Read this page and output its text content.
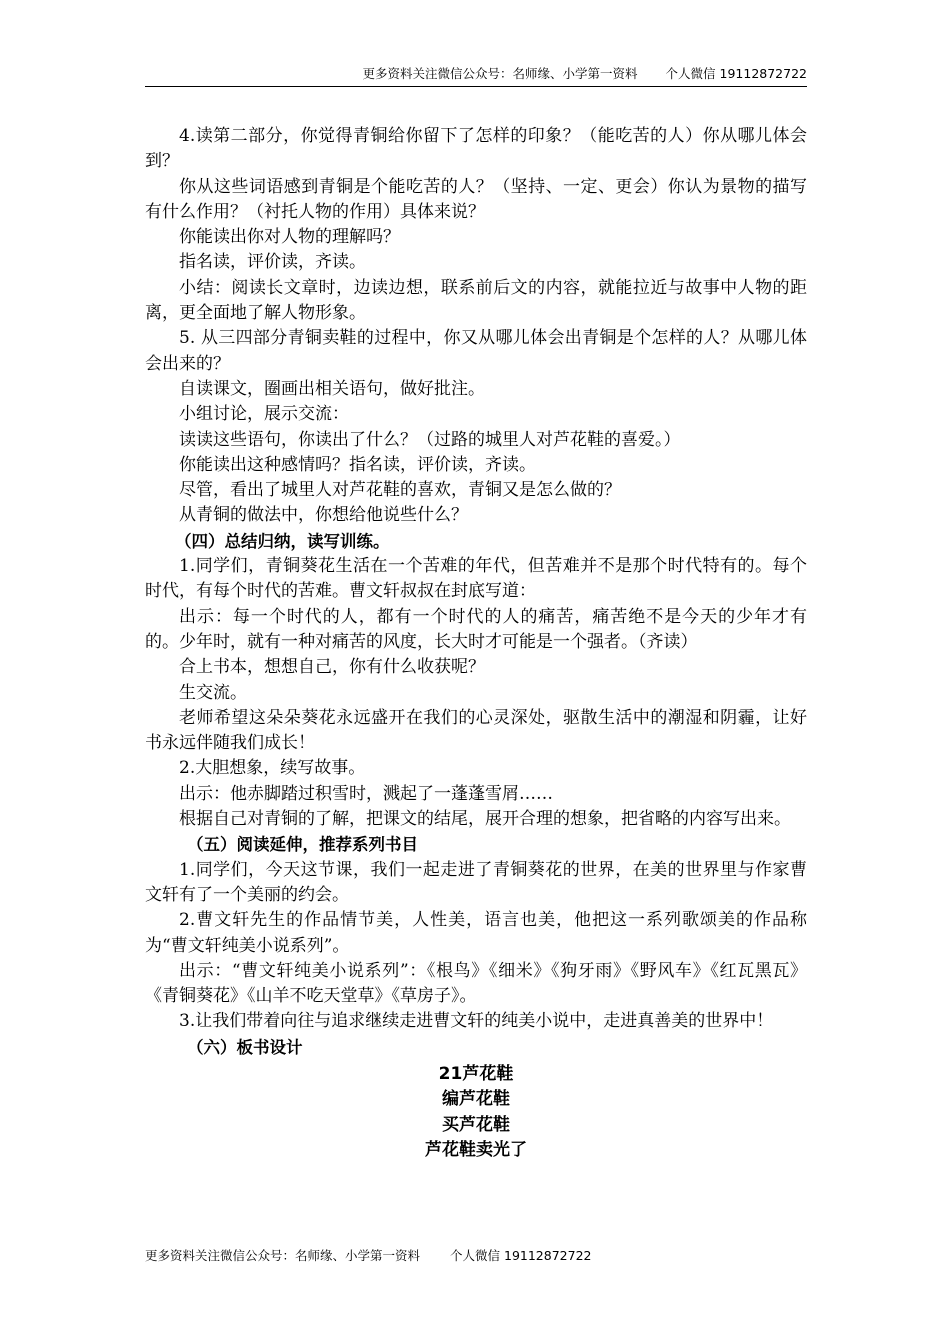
更多资料关注微信公众号：名师缘、小学第一资料 个人微信 19112872722

4.读第二部分，你觉得青铜给你留下了怎样的印象？（能吃苦的人）你从哪儿体会到？

你从这些词语感到青铜是个能吃苦的人？（坚持、一定、更会）你认为景物的描写有什么作用？（衬托人物的作用）具体来说？

你能读出你对人物的理解吗？

指名读，评价读，齐读。

小结：阅读长文章时，边读边想，联系前后文的内容，就能拉近与故事中人物的距离，更全面地了解人物形象。

5. 从三四部分青铜卖鞋的过程中，你又从哪儿体会出青铜是个怎样的人？从哪儿体会出来的？

自读课文，圈画出相关语句，做好批注。

小组讨论，展示交流：

读读这些语句，你读出了什么？（过路的城里人对芦花鞋的喜爱。）

你能读出这种感情吗？指名读，评价读，齐读。

尽管，看出了城里人对芦花鞋的喜欢，青铜又是怎么做的？

从青铜的做法中，你想给他说些什么？

（四）总结归纳，读写训练。

1.同学们，青铜葵花生活在一个苦难的年代，但苦难并不是那个时代特有的。每个时代，有每个时代的苦难。曹文轩叔叔在封底写道：

出示：每一个时代的人，都有一个时代的人的痛苦，痛苦绝不是今天的少年才有的。少年时，就有一种对痛苦的风度，长大时才可能是一个强者。（齐读）

合上书本，想想自己，你有什么收获呢？

生交流。

老师希望这朵朵葵花永远盛开在我们的心灵深处，驱散生活中的潮湿和阴霾，让好书永远伴随我们成长！

2.大胆想象，续写故事。

出示：他赤脚踏过积雪时，溅起了一蓬蓬雪屑……

根据自己对青铜的了解，把课文的结尾，展开合理的想象，把省略的内容写出来。

（五）阅读延伸，推荐系列书目

1.同学们，今天这节课，我们一起走进了青铜葵花的世界，在美的世界里与作家曹文轩有了一个美丽的约会。

2.曹文轩先生的作品情节美，人性美，语言也美，他把这一系列歌颂美的作品称为“曹文轩纯美小说系列”。

出示：“曹文轩纯美小说系列”：《根鸟》《细米》《狗牙雨》《野风车》《红瓦黑瓦》《青铜葵花》《山羊不吃天堂草》《草房子》。

3.让我们带着向往与追求继续走进曹文轩的纯美小说中，走进真善美的世界中！

（六）板书设计

21芦花鞋
编芦花鞋
买芦花鞋
芦花鞋卖光了
更多资料关注微信公众号：名师缘、小学第一资料 个人微信 19112872722
